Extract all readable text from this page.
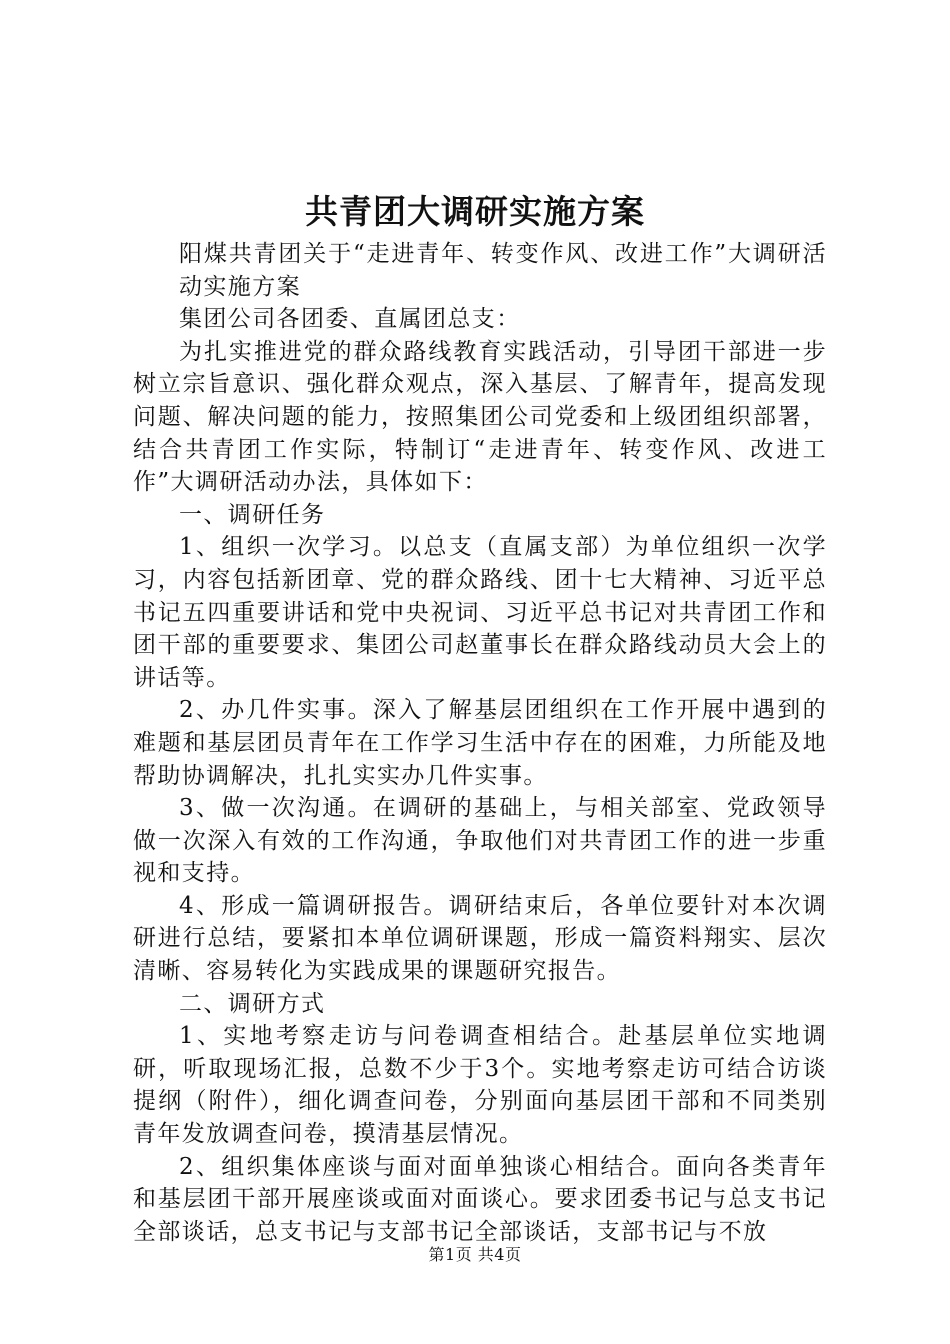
共青团大调研实施方案

阳煤共青团关于“走进青年、转变作风、改进工作”大调研活动实施方案

集团公司各团委、直属团总支：

为扎实推进党的群众路线教育实践活动，引导团干部进一步树立宗旨意识、强化群众观点，深入基层、了解青年，提高发现问题、解决问题的能力，按照集团公司党委和上级团组织部署，结合共青团工作实际，特制订“走进青年、转变作风、改进工作”大调研活动办法，具体如下：

一、调研任务

1、组织一次学习。以总支（直属支部）为单位组织一次学习，内容包括新团章、党的群众路线、团十七大精神、习近平总书记五四重要讲话和党中央祝词、习近平总书记对共青团工作和团干部的重要要求、集团公司赵董事长在群众路线动员大会上的讲话等。

2、办几件实事。深入了解基层团组织在工作开展中遇到的难题和基层团员青年在工作学习生活中存在的困难，力所能及地帮助协调解决，扎扎实实办几件实事。

3、做一次沟通。在调研的基础上，与相关部室、党政领导做一次深入有效的工作沟通，争取他们对共青团工作的进一步重视和支持。

4、形成一篇调研报告。调研结束后，各单位要针对本次调研进行总结，要紧扣本单位调研课题，形成一篇资料翔实、层次清晰、容易转化为实践成果的课题研究报告。

二、调研方式

1、实地考察走访与问卷调查相结合。赴基层单位实地调研，听取现场汇报，总数不少于3个。实地考察走访可结合访谈提纲（附件），细化调查问卷，分别面向基层团干部和不同类别青年发放调查问卷，摸清基层情况。

2、组织集体座谈与面对面单独谈心相结合。面向各类青年和基层团干部开展座谈或面对面谈心。要求团委书记与总支书记全部谈话，总支书记与支部书记全部谈话，支部书记与不放

第1页 共4页
